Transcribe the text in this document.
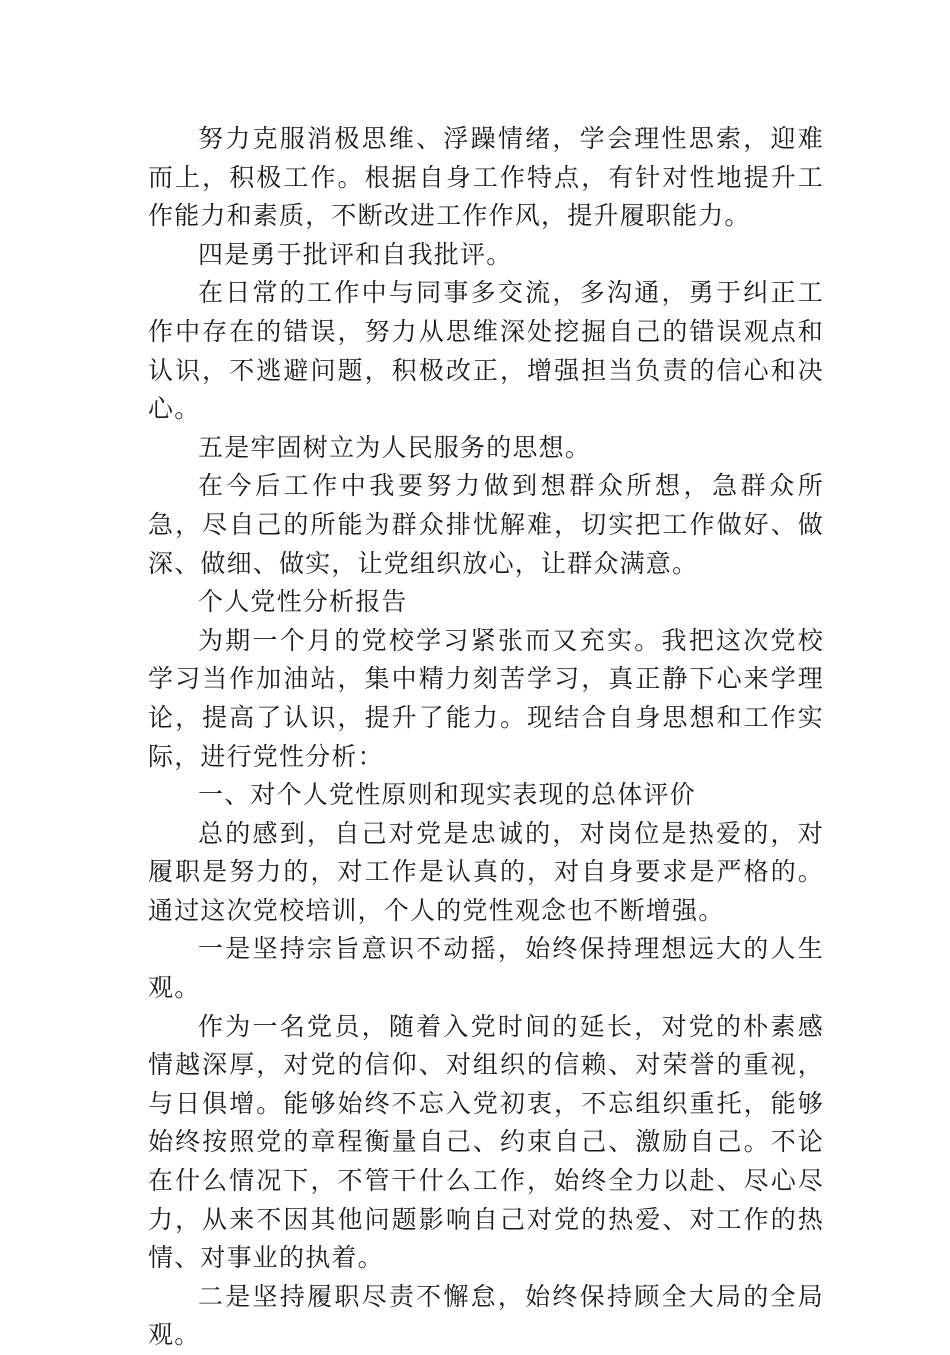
努力克服消极思维、浮躁情绪，学会理性思索，迎难而上，积极工作。根据自身工作特点，有针对性地提升工作能力和素质，不断改进工作作风，提升履职能力。

四是勇于批评和自我批评。

在日常的工作中与同事多交流，多沟通，勇于纠正工作中存在的错误，努力从思维深处挖掘自己的错误观点和认识，不逃避问题，积极改正，增强担当负责的信心和决心。

五是牢固树立为人民服务的思想。

在今后工作中我要努力做到想群众所想，急群众所急，尽自己的所能为群众排忧解难，切实把工作做好、做深、做细、做实，让党组织放心，让群众满意。

个人党性分析报告

为期一个月的党校学习紧张而又充实。我把这次党校学习当作加油站，集中精力刻苦学习，真正静下心来学理论，提高了认识，提升了能力。现结合自身思想和工作实际，进行党性分析：

一、对个人党性原则和现实表现的总体评价

总的感到，自己对党是忠诚的，对岗位是热爱的，对履职是努力的，对工作是认真的，对自身要求是严格的。通过这次党校培训，个人的党性观念也不断增强。

一是坚持宗旨意识不动摇，始终保持理想远大的人生观。

作为一名党员，随着入党时间的延长，对党的朴素感情越深厚，对党的信仰、对组织的信赖、对荣誉的重视，与日俱增。能够始终不忘入党初衷，不忘组织重托，能够始终按照党的章程衡量自己、约束自己、激励自己。不论在什么情况下，不管干什么工作，始终全力以赴、尽心尽力，从来不因其他问题影响自己对党的热爱、对工作的热情、对事业的执着。

二是坚持履职尽责不懈怠，始终保持顾全大局的全局观。
